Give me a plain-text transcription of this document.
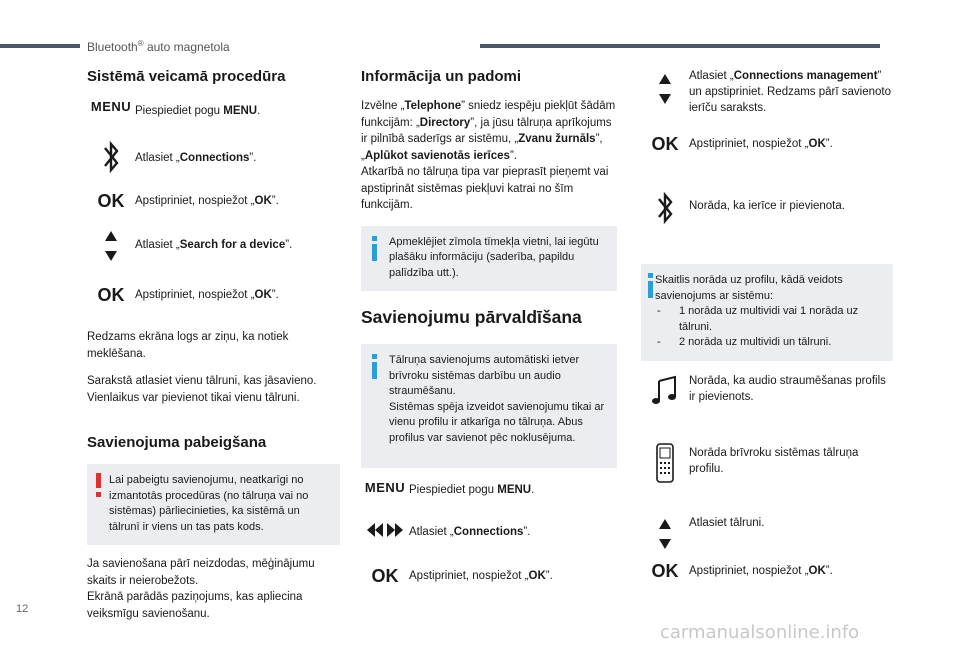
Bluetooth® auto magnetola
Sistēmā veicamā procedūra
MENU Piespiediet pogu MENU.
Atlasiet „Connections”.
OK Apstipriniet, nospiežot „OK”.
Atlasiet „Search for a device”.
OK Apstipriniet, nospiežot „OK”.

Redzams ekrāna logs ar ziņu, ka notiek meklēšana.

Sarakstā atlasiet vienu tālruni, kas jāsavieno. Vienlaikus var pievienot tikai vienu tālruni.

Savienojuma pabeigšana
Lai pabeigtu savienojumu, neatkarīgi no izmantotās procedūras (no tālruņa vai no sistēmas) pārliecinieties, ka sistēmā un tālrunī ir viens un tas pats kods.

Ja savienošana pārī neizdodas, mēģinājumu skaits ir neierobežots.

Ekrānā parādās paziņojums, kas apliecina veiksmīgu savienošanu.

Informācija un padomi

Izvēlne „Telephone” sniedz iespēju piekļūt šādām funkcijām: „Directory”, ja jūsu tālruņa aprīkojums ir pilnībā saderīgs ar sistēmu, „Zvanu žurnāls”, „Aplūkot savienotās ierīces”.

Atkarībā no tālruņa tipa var pieprasīt pieņemt vai apstiprināt sistēmas piekļuvi katrai no šīm funkcijām.

Apmeklējiet zīmola tīmekļa vietni, lai iegūtu plašāku informāciju (saderība, papildu palīdzība utt.).
Savienojumu pārvaldīšana
Tālruņa savienojums automātiski ietver brīvroku sistēmas darbību un audio straumēšanu.
Sistēmas spēja izveidot savienojumu tikai ar vienu profilu ir atkarīga no tālruņa. Abus profilus var savienot pēc noklusējuma.
MENU Piespiediet pogu MENU.
Atlasiet „Connections”.
OK Apstipriniet, nospiežot „OK”.
Atlasiet „Connections management” un apstipriniet. Redzams pārī savienoto ierīču saraksts.
OK Apstipriniet, nospiežot „OK”.
Norāda, ka ierīce ir pievienota.
Skaitlis norāda uz profilu, kādā veidots savienojums ar sistēmu:
- 1 norāda uz multividi vai 1 norāda uz tālruni.
- 2 norāda uz multividi un tālruni.
Norāda, ka audio straumēšanas profils ir pievienots.
Norāda brīvroku sistēmas tālruņa profilu.
Atlasiet tālruni.
OK Apstipriniet, nospiežot „OK”.
12
carmanualsonline.info
